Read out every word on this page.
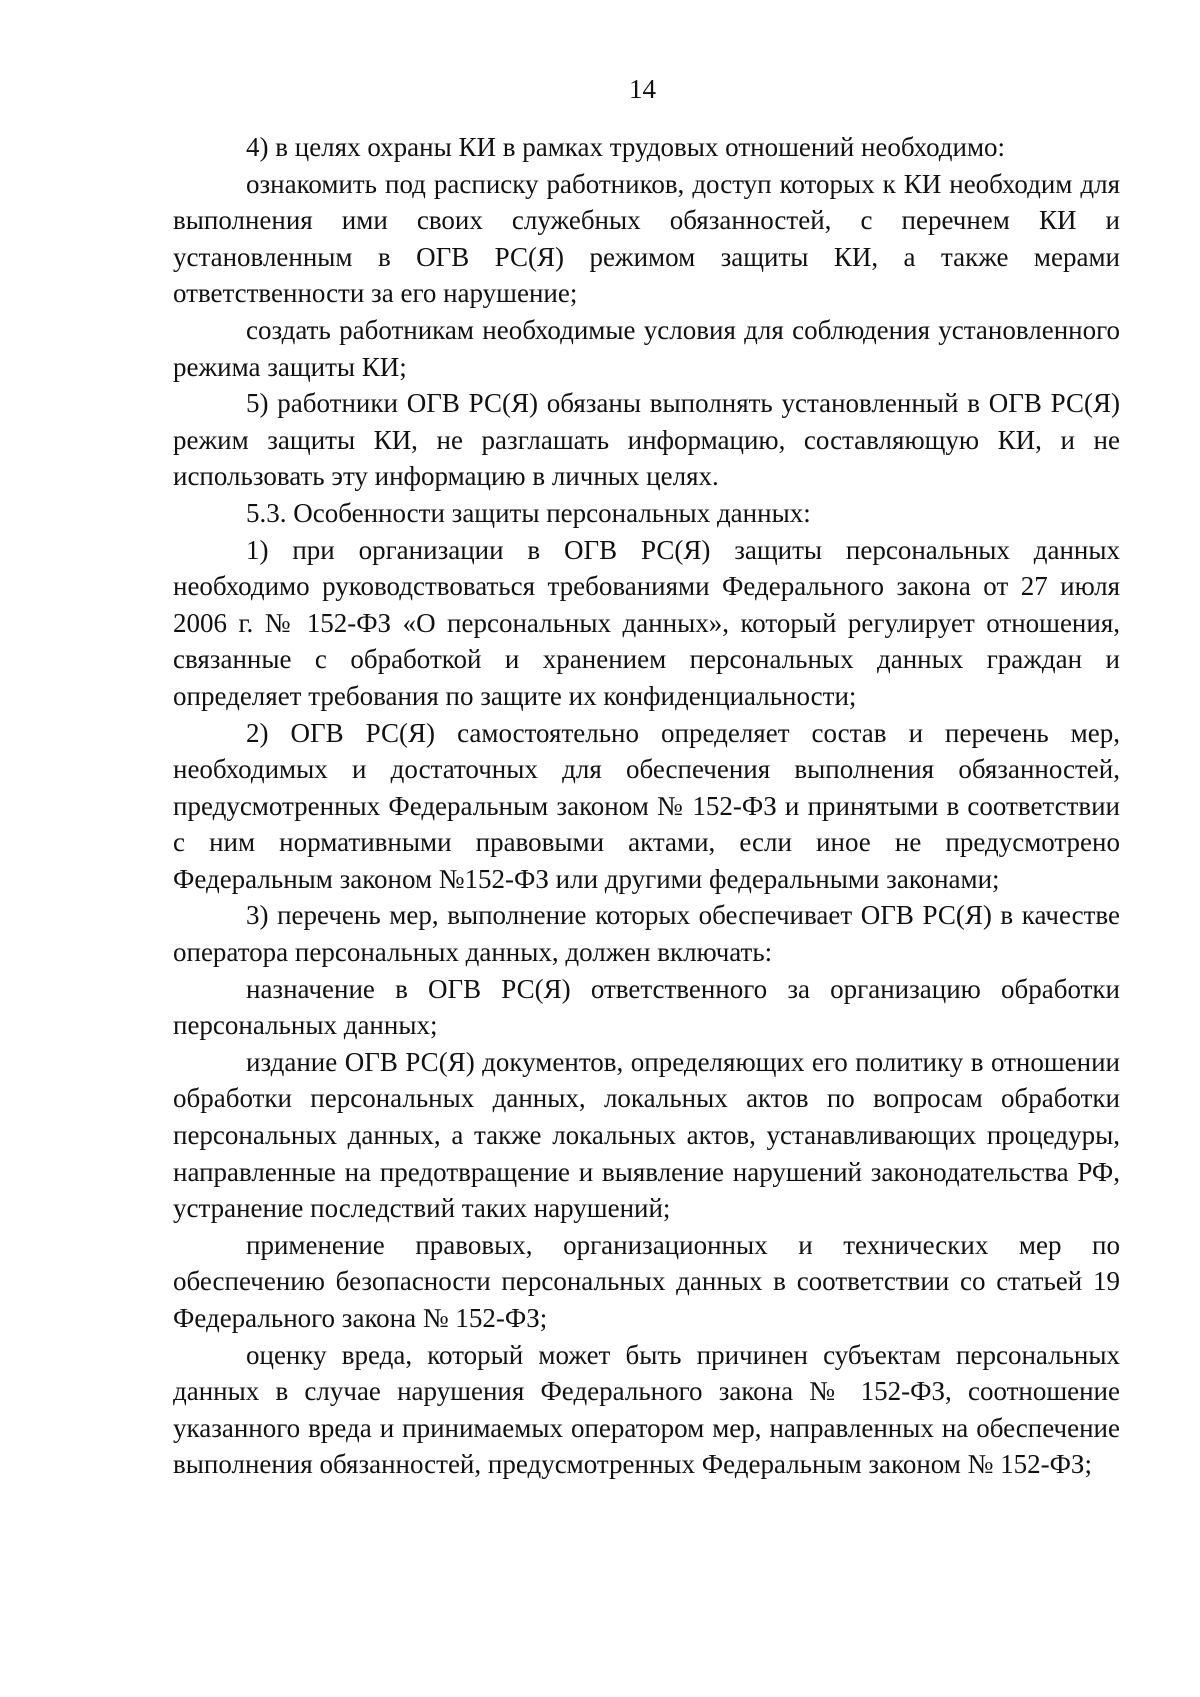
14

4) в целях охраны КИ в рамках трудовых отношений необходимо:

ознакомить под расписку работников, доступ которых к КИ необходим для выполнения ими своих служебных обязанностей, с перечнем КИ и установленным в ОГВ РС(Я) режимом защиты КИ, а также мерами ответственности за его нарушение;

создать работникам необходимые условия для соблюдения установленного режима защиты КИ;

5) работники ОГВ РС(Я) обязаны выполнять установленный в ОГВ РС(Я) режим защиты КИ, не разглашать информацию, составляющую КИ, и не использовать эту информацию в личных целях.

5.3. Особенности защиты персональных данных:

1) при организации в ОГВ РС(Я) защиты персональных данных необходимо руководствоваться требованиями Федерального закона от 27 июля 2006 г. № 152-ФЗ «О персональных данных», который регулирует отношения, связанные с обработкой и хранением персональных данных граждан и определяет требования по защите их конфиденциальности;

2) ОГВ РС(Я) самостоятельно определяет состав и перечень мер, необходимых и достаточных для обеспечения выполнения обязанностей, предусмотренных Федеральным законом № 152-ФЗ и принятыми в соответствии с ним нормативными правовыми актами, если иное не предусмотрено Федеральным законом №152-ФЗ или другими федеральными законами;

3) перечень мер, выполнение которых обеспечивает ОГВ РС(Я) в качестве оператора персональных данных, должен включать:

назначение в ОГВ РС(Я) ответственного за организацию обработки персональных данных;

издание ОГВ РС(Я) документов, определяющих его политику в отношении обработки персональных данных, локальных актов по вопросам обработки персональных данных, а также локальных актов, устанавливающих процедуры, направленные на предотвращение и выявление нарушений законодательства РФ, устранение последствий таких нарушений;

применение правовых, организационных и технических мер по обеспечению безопасности персональных данных в соответствии со статьей 19 Федерального закона № 152-ФЗ;

оценку вреда, который может быть причинен субъектам персональных данных в случае нарушения Федерального закона № 152-ФЗ, соотношение указанного вреда и принимаемых оператором мер, направленных на обеспечение выполнения обязанностей, предусмотренных Федеральным законом № 152-ФЗ;
